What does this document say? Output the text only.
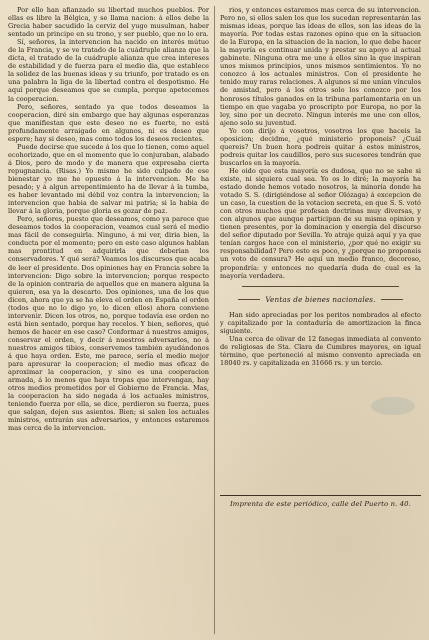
Por ello han afianzado su libertad muchos pueblos. Por ellas es libre la Bélgica, y se llama nacion: á ellos debe la Grecia haber sacudido la cerviz del yugo musulman, haber sentado un principe en su trono, y ser pueblo, que no lo era.

Sí, señores, la intervencion ha nacido en interés mútuo de la Francia, y se ve tratado de la cuádruple alianza que la dicta, el tratado de la cuádruple alianza que crea intereses de estabilidad y de fuerza para el medio dia, que establece la solidez de las buenas ideas y su triunfo, por tratado es en una palabra la liga de la libertad contra el despotismo. He aquí porque deseamos que se cumpla, porque apetecemos la cooperacion.

Pero, señores, sentado ya que todos deseamos la cooperacion, diré sin embargo que hay algunas esperanzas que manifiestan que este deseo no es fuerte, no está profundamente arraigado en algunos, ni es deseo que espere; hay si deseo, mas como todos los deseos recientes.

Puede decirse que sucede á los que lo tienen, como aquel ecohorizado, que en el momento que lo conjuraban, alabado á Dios, pero de modo y de manera que expresaba cierta repugnancia. (Risas.) Yo mismo he sido culpado de ese bienestar yo me he opuesto á la intervencion. Me ha pesado; y á algun arrepentimiento ha de llevar á la tumba, es haber levantado mi débil voz contra la intervencion; la intervencion que habia de salvar mi patria; si la habia de llevar á la gloria, porque gloria es gozar de paz.

Pero, señores, puesto que deseamos, como ya parece que deseamos todos la cooperacion, veamos cual será el medio mas fácil de conseguirla. Ninguno, á mi ver, diria bien, la conducta por el momento; pero en este caso algunos hablan mas prontitud en adquirirla que deberian los conservadores. Y qué será? Veamos los discursos que acaba de leer el presidente. Dos opiniones hay en Francia sobre la intervencion: Digo sobre la intervencion; porque respecto de la opinion contraria de aquellos que en manera alguna la quieren, esa ya la descarto. Dos opiniones, una de los que dicen, ahora que ya se ha eleva el orden en España el orden (todos que no lo digo yo, lo dicen ellos) ahora conviene intervenir. Dicen los otros, no, porque todavía ese orden no está bien sentado, porque hay recelos. Y bien, señores, qué hemos de hacer en ese caso? Conformar á nuestros amigos, conservar el orden, y decir á nuestros adversarios, no á nuestros amigos tibios, conservemos también ayudándonos á que haya orden. Este, me parece, sería el medio mejor para apresurar la cooperacion; el medio mas eficaz de aproximar la cooperacion, y sino es una cooperacion armada, á lo menos que haya tropas que intervengan, hay otros medios prometidos por el Gobierno de Francia. Mas, la cooperacion ha sido negada á los actuales ministros, teniendo fuerza por ella, se dice, perdieron su fuerza, pues que salgan, dejen sus asientos. Bien; si salen los actuales ministros, entrarán sus adversarios, y entonces estaremos mas cerca de la intervencion.

rios, y entonces estaremos mas cerca de su intervencion. Pero no, si ellos salen los que los sucedan representarán las mismas ideas, porque las ideas de ellos, son las ideas de la mayoría. Por todas estas razones opino que en la situacion de la Europa, en la situacion de la nacion, lo que debe hacer la mayoría es continuar unida y prestar su apoyo al actual gabinete. Ninguna otra me une á ellos sino la que inspiran unos mismos principios, unos mismos sentimientos. Yo no conozco á los actuales ministros. Con el presidente he tenido muy raras relaciones. A algunos sí me unían vínculos de amistad, pero á los otros solo los conozco por los honrosos títulos ganados en la tribuna parlamentaria en un tiempo en que vagaba yo proscripto por Europa, no por la ley, sino por un decreto. Ningun interés me une con ellos, ajeno solo su juventud.

Yo con dirijo á vosotros, vosotros los que haceis la oposicion; decidme, ¿qué ministerio proponeis? ¿Cuál quereis? Un buen hora podreis quitar á estos ministros, podreis quitar los caudillos, pero sus sucesores tendrán que buscarlos en la mayoría.

He oido que esta mayoría es dudosa, que no se sabe si existe, ni siquiera cual sea. Yo os lo diré; la mayoría ha estado donde hemos votado nosotros, la minoría donde ha votado S. S. (dirigiéndose al señor Olózaga) á excepcion de un caso, la cuestion de la votacion secreta, en que S. S. votó con otros muchos que profesan doctrinas muy diversas, y con algunos que aunque participan de su misma opinion y tienen presentes, por la dominacion y energía del discurso del señor diputado por Sevilla. Yo atraje quizá aquí y ya que tenían cargos hace con el ministerio, ¿por qué no exigir su responsabilidad? Pero esto es poco, y ¿porque no proponeis un voto de censura? He aquí un medio franco, decoroso, propondría: y entonces no quedaría duda de cual es la mayoría verdadera.

Ventas de bienes nacionales.

Han sido apreciadas por los peritos nombrados al efecto y capitalizado por la contaduría de amortizacion la finca siguiente.

Una cerca de olivar de 12 fanegas inmediata al convento de religiosas de Sta. Clara de Cumbres mayores, en igual término, que perteneció al mismo convento apreciada en 18040 rs. y capitalizada en 31666 rs. y un tercio.

Imprenta de este periódico, calle del Puerto n. 40.
